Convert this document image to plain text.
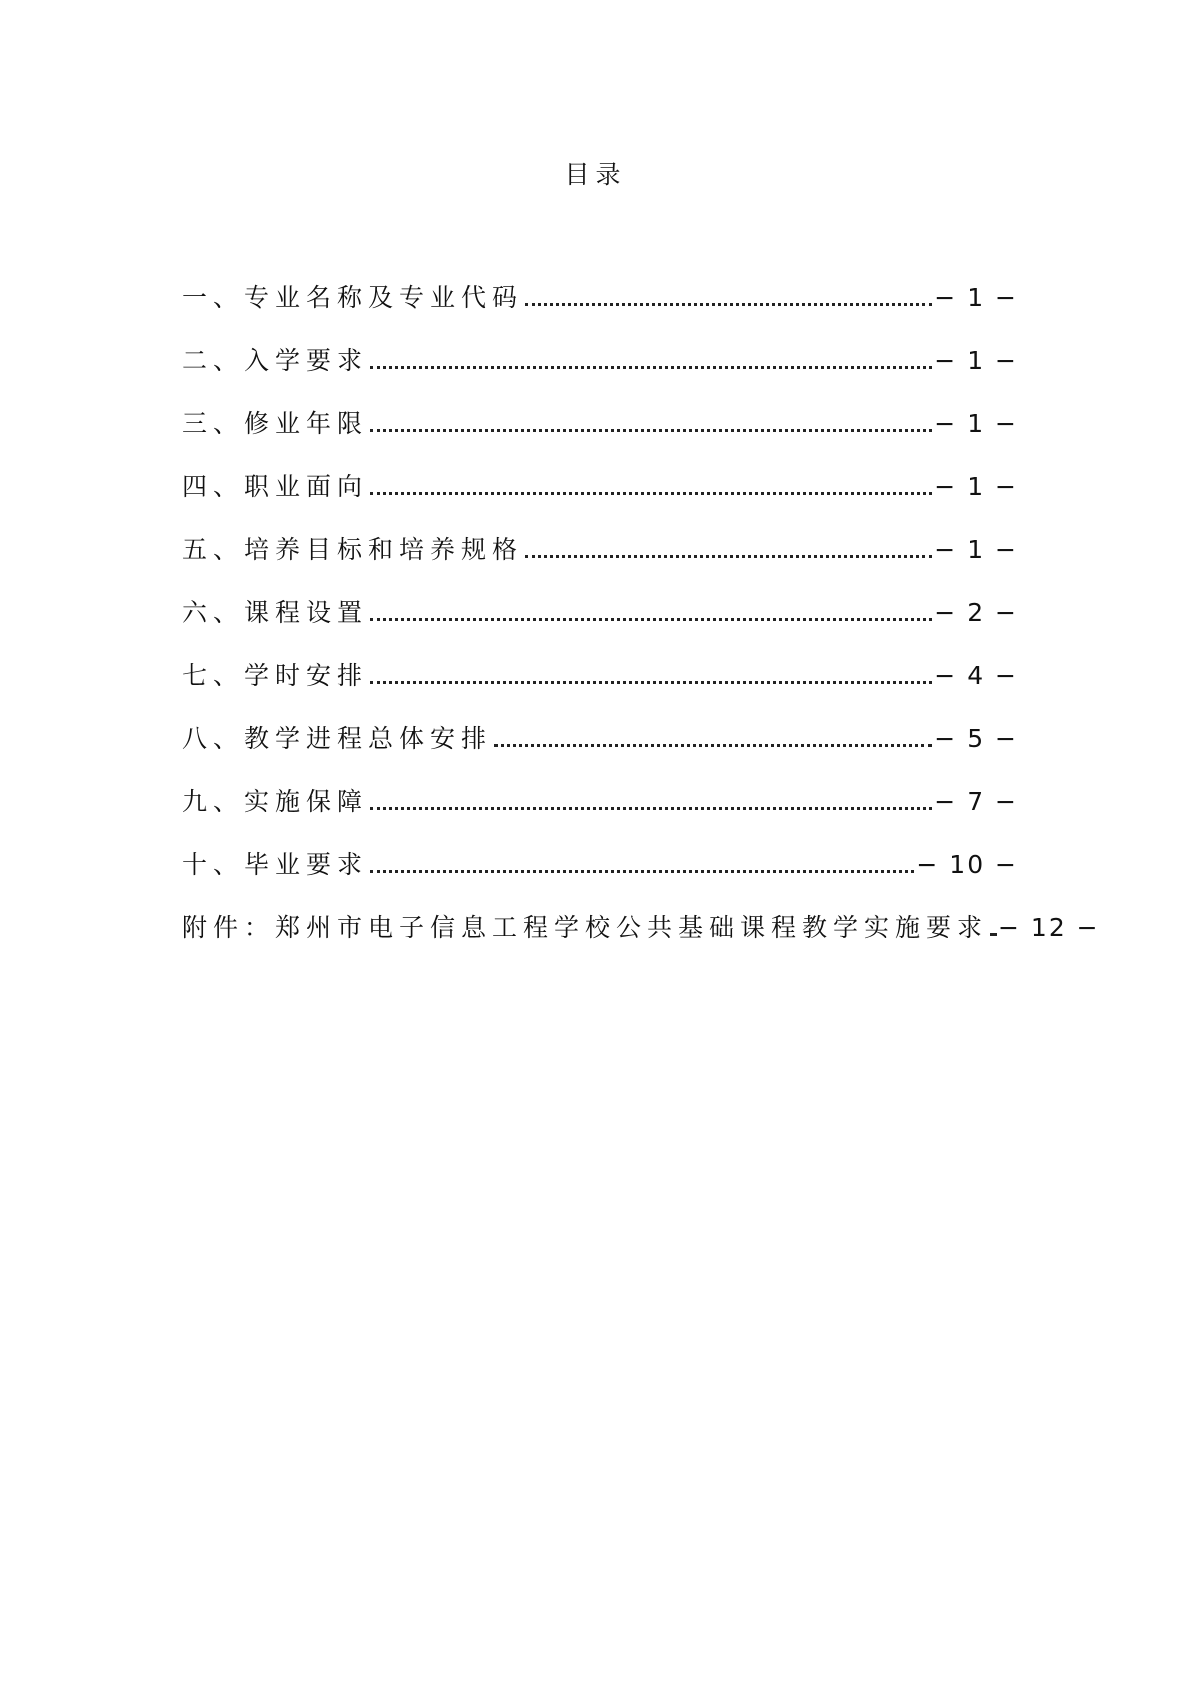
目录
一、专业名称及专业代码	− 1 −
二、入学要求	− 1 −
三、修业年限	− 1 −
四、职业面向	− 1 −
五、培养目标和培养规格	− 1 −
六、课程设置	− 2 −
七、学时安排	− 4 −
八、教学进程总体安排	− 5 −
九、实施保障	− 7 −
十、毕业要求	− 10 −
附件：郑州市电子信息工程学校公共基础课程教学实施要求 − 12 −
